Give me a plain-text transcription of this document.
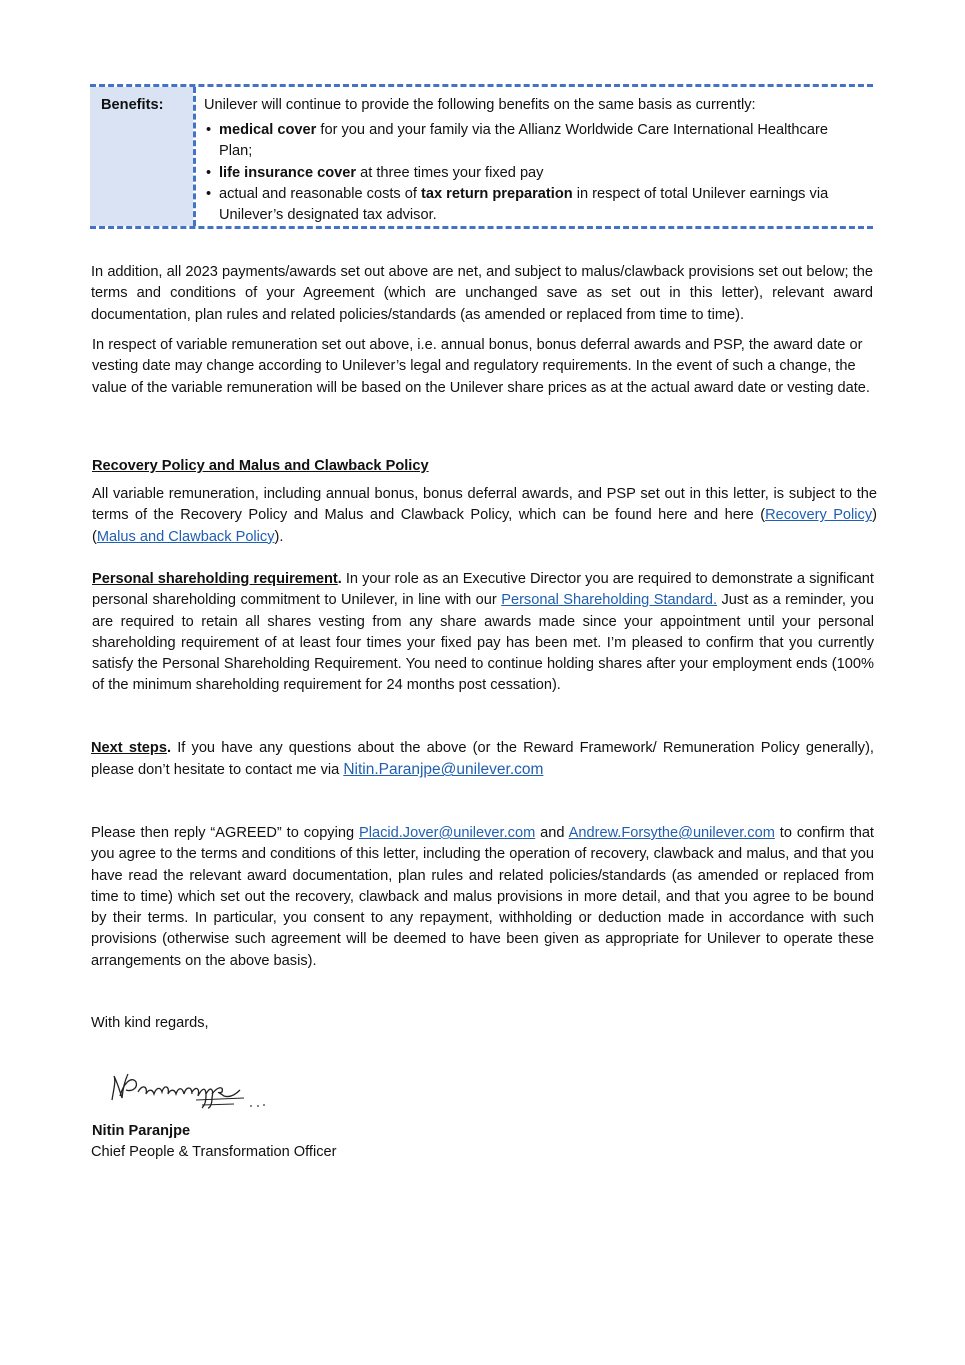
Benefits:	Unilever will continue to provide the following benefits on the same basis as currently:
• medical cover for you and your family via the Allianz Worldwide Care International Healthcare Plan;
• life insurance cover at three times your fixed pay
• actual and reasonable costs of tax return preparation in respect of total Unilever earnings via Unilever’s designated tax advisor.
In addition, all 2023 payments/awards set out above are net, and subject to malus/clawback provisions set out below; the terms and conditions of your Agreement (which are unchanged save as set out in this letter), relevant award documentation, plan rules and related policies/standards (as amended or replaced from time to time).
In respect of variable remuneration set out above, i.e. annual bonus, bonus deferral awards and PSP, the award date or vesting date may change according to Unilever’s legal and regulatory requirements. In the event of such a change, the value of the variable remuneration will be based on the Unilever share prices as at the actual award date or vesting date.
Recovery Policy and Malus and Clawback Policy
All variable remuneration, including annual bonus, bonus deferral awards, and PSP set out in this letter, is subject to the terms of the Recovery Policy and Malus and Clawback Policy, which can be found here and here (Recovery Policy) (Malus and Clawback Policy).
Personal shareholding requirement. In your role as an Executive Director you are required to demonstrate a significant personal shareholding commitment to Unilever, in line with our Personal Shareholding Standard. Just as a reminder, you are required to retain all shares vesting from any share awards made since your appointment until your personal shareholding requirement of at least four times your fixed pay has been met. I’m pleased to confirm that you currently satisfy the Personal Shareholding Requirement. You need to continue holding shares after your employment ends (100% of the minimum shareholding requirement for 24 months post cessation).
Next steps. If you have any questions about the above (or the Reward Framework/ Remuneration Policy generally), please don’t hesitate to contact me via Nitin.Paranjpe@unilever.com
Please then reply “AGREED” to copying Placid.Jover@unilever.com and Andrew.Forsythe@unilever.com to confirm that you agree to the terms and conditions of this letter, including the operation of recovery, clawback and malus, and that you have read the relevant award documentation, plan rules and related policies/standards (as amended or replaced from time to time) which set out the recovery, clawback and malus provisions in more detail, and that you agree to be bound by their terms. In particular, you consent to any repayment, withholding or deduction made in accordance with such provisions (otherwise such agreement will be deemed to have been given as appropriate for Unilever to operate these arrangements on the above basis).
With kind regards,
Nitin Paranjpe
Chief People & Transformation Officer
